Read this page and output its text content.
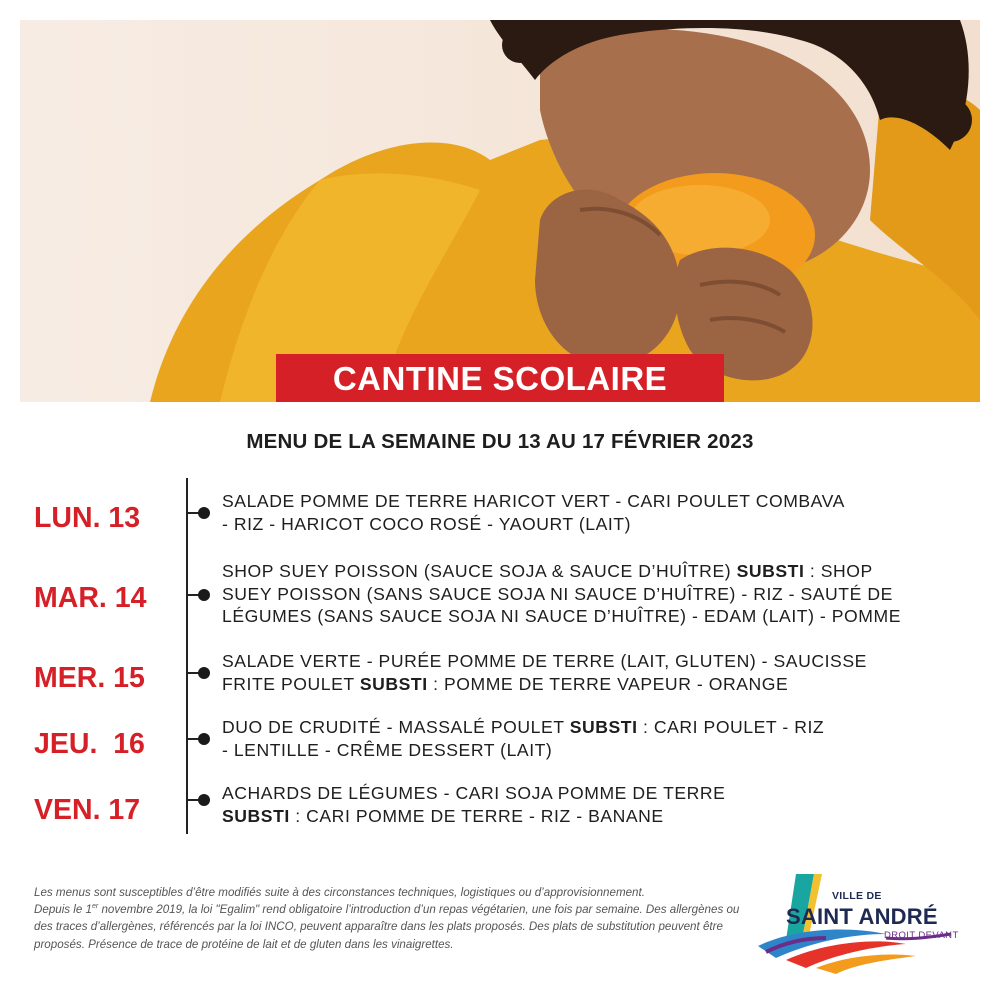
CANTINE SCOLAIRE
MENU DE LA SEMAINE DU 13 AU 17 FÉVRIER 2023
LUN. 13
SALADE POMME DE TERRE HARICOT VERT - CARI POULET COMBAVA
- RIZ - HARICOT COCO ROSÉ - YAOURT (LAIT)
MAR. 14
SHOP SUEY POISSON (SAUCE SOJA & SAUCE D’HUÎTRE) SUBSTI : SHOP
SUEY POISSON (SANS SAUCE SOJA NI SAUCE D’HUÎTRE) - RIZ - SAUTÉ DE
LÉGUMES (SANS SAUCE SOJA NI SAUCE D’HUÎTRE) - EDAM (LAIT) - POMME
MER. 15
SALADE VERTE - PURÉE POMME DE TERRE (LAIT, GLUTEN) - SAUCISSE
FRITE POULET SUBSTI : POMME DE TERRE VAPEUR - ORANGE
JEU.  16
DUO DE CRUDITÉ - MASSALÉ POULET SUBSTI : CARI POULET - RIZ
- LENTILLE - CRÊME DESSERT (LAIT)
VEN. 17
ACHARDS DE LÉGUMES - CARI SOJA POMME DE TERRE
SUBSTI : CARI POMME DE TERRE - RIZ - BANANE
Les menus sont susceptibles d’être modifiés suite à des circonstances techniques, logistiques ou d’approvisionnement.
Depuis le 1er novembre 2019, la loi "Egalim" rend obligatoire l’introduction d’un repas végétarien, une fois par semaine. Des allergènes ou des traces d’allergènes, référencés par la loi INCO, peuvent apparaître dans les plats proposés. Des plats de substitution peuvent être proposés. Présence de trace de protéine de lait et de gluten dans les vinaigrettes.
VILLE DE
SAINT ANDRÉ
DROIT DEVANT
